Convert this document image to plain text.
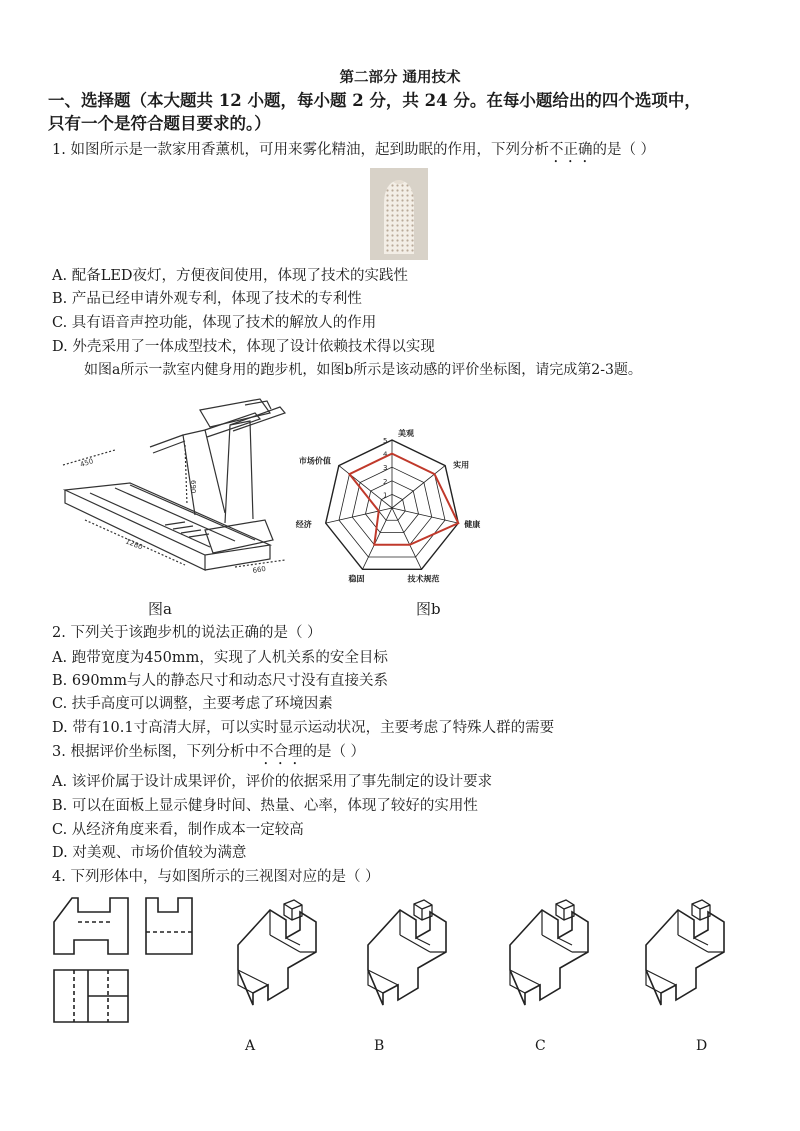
第二部分 通用技术
一、选择题（本大题共 12 小题，每小题 2 分，共 24 分。在每小题给出的四个选项中，
只有一个是符合题目要求的。）
1. 如图所示是一款家用香薰机，可用来雾化精油，起到助眠的作用，下列分析不正确的是（ ）
A. 配备LED夜灯，方便夜间使用，体现了技术的实践性
B. 产品已经申请外观专利，体现了技术的专利性
C. 具有语音声控功能，体现了技术的解放人的作用
D. 外壳采用了一体成型技术，体现了设计依赖技术得以实现
如图a所示一款室内健身用的跑步机，如图b所示是该动感的评价坐标图，请完成第2-3题。
450
690
1280
660
1
2
3
4
5
美观
实用
健康
技术规范
稳固
经济
市场价值
图a	图b
2. 下列关于该跑步机的说法正确的是（ ）
A. 跑带宽度为450mm，实现了人机关系的安全目标
B. 690mm与人的静态尺寸和动态尺寸没有直接关系
C. 扶手高度可以调整，主要考虑了环境因素
D. 带有10.1寸高清大屏，可以实时显示运动状况，主要考虑了特殊人群的需要
3. 根据评价坐标图，下列分析中不合理的是（ ）
A. 该评价属于设计成果评价，评价的依据采用了事先制定的设计要求
B. 可以在面板上显示健身时间、热量、心率，体现了较好的实用性
C. 从经济角度来看，制作成本一定较高
D. 对美观、市场价值较为满意
4. 下列形体中，与如图所示的三视图对应的是（ ）
A	B	C	D
